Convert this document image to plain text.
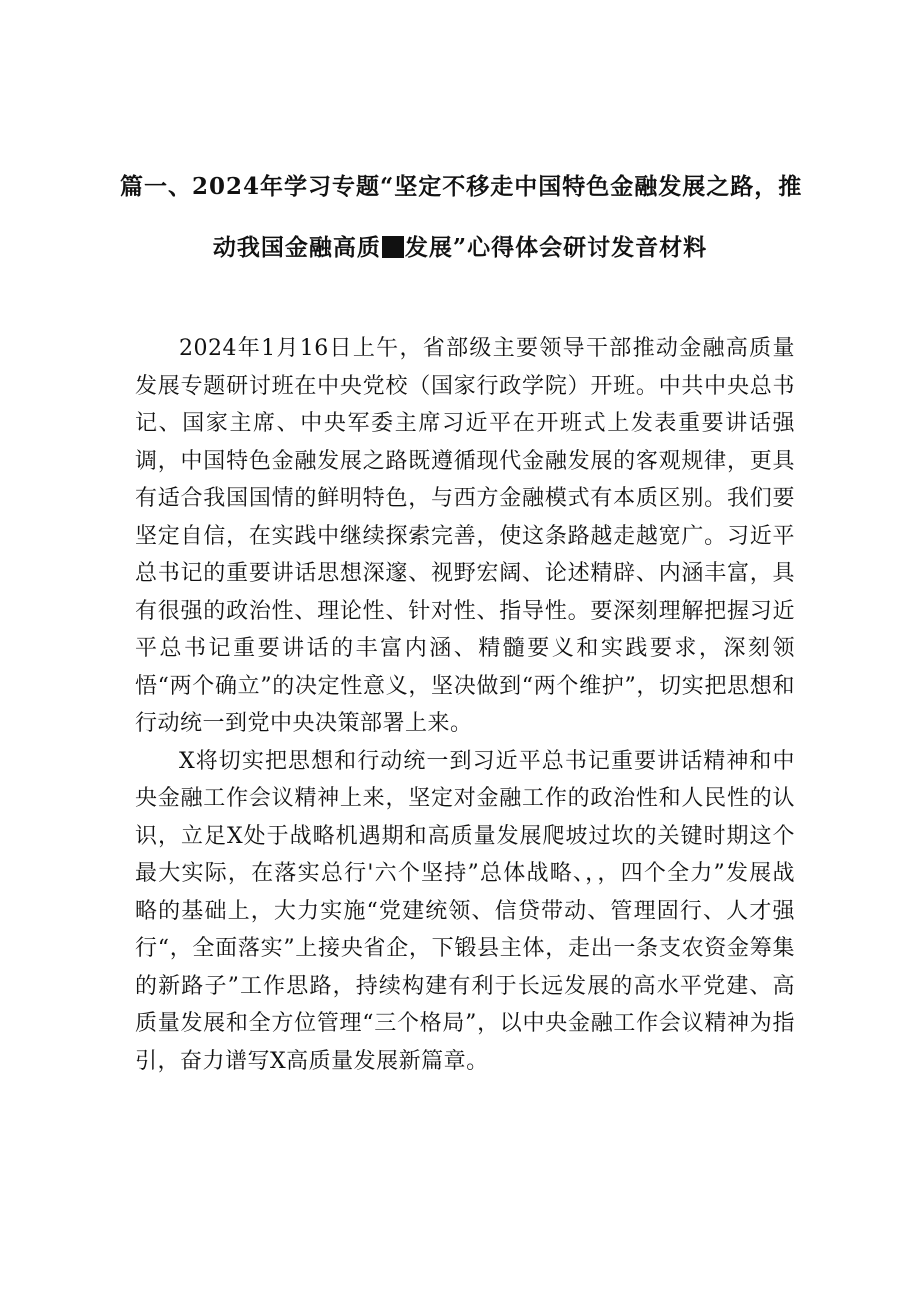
篇一、2024年学习专题“坚定不移走中国特色金融发展之路，推
动我国金融高质 发展”心得体会研讨发音材料

2024年1月16日上午，省部级主要领导干部推动金融高质量发展专题研讨班在中央党校（国家行政学院）开班。中共中央总书记、国家主席、中央军委主席习近平在开班式上发表重要讲话强调，中国特色金融发展之路既遵循现代金融发展的客观规律，更具有适合我国国情的鲜明特色，与西方金融模式有本质区别。我们要坚定自信，在实践中继续探索完善，使这条路越走越宽广。习近平总书记的重要讲话思想深邃、视野宏阔、论述精辟、内涵丰富，具有很强的政治性、理论性、针对性、指导性。要深刻理解把握习近平总书记重要讲话的丰富内涵、精髓要义和实践要求，深刻领悟“两个确立”的决定性意义，坚决做到“两个维护”，切实把思想和行动统一到党中央决策部署上来。

X将切实把思想和行动统一到习近平总书记重要讲话精神和中央金融工作会议精神上来，坚定对金融工作的政治性和人民性的认识，立足X处于战略机遇期和高质量发展爬坡过坎的关键时期这个最大实际，在落实总行'六个坚持”总体战略、，，四个全力”发展战略的基础上，大力实施“党建统领、信贷带动、管理固行、人才强行“，全面落实”上接央省企，下锻县主体，走出一条支农资金筹集的新路子”工作思路，持续构建有利于长远发展的高水平党建、高质量发展和全方位管理“三个格局”，以中央金融工作会议精神为指引，奋力谱写X高质量发展新篇章。
